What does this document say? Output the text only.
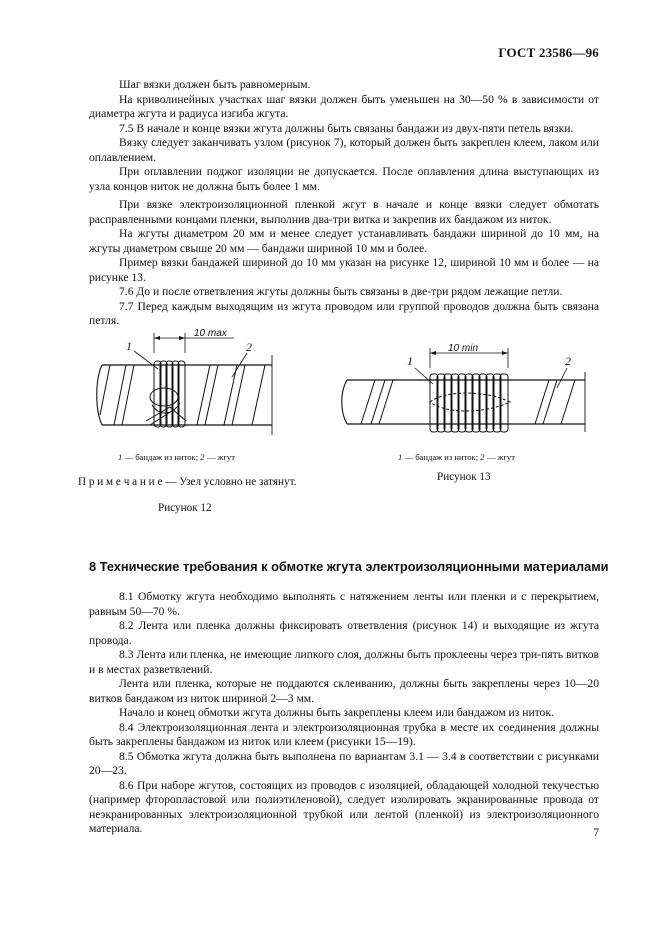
ГОСТ 23586—96

Шаг вязки должен быть равномерным.

На криволинейных участках шаг вязки должен быть уменьшен на 30—50 % в зависимости от диаметра жгута и радиуса изгиба жгута.

7.5 В начале и конце вязки жгута должны быть связаны бандажи из двух-пяти петель вязки.

Вязку следует заканчивать узлом (рисунок 7), который должен быть закреплен клеем, лаком или оплавлением.

При оплавлении поджог изоляции не допускается. После оплавления длина выступающих из узла концов ниток не должна быть более 1 мм.

При вязке электроизоляционной пленкой жгут в начале и конце вязки следует обмотать расправленными концами пленки, выполнив два-три витка и закрепив их бандажом из ниток.

На жгуты диаметром 20 мм и менее следует устанавливать бандажи шириной до 10 мм, на жгуты диаметром свыше 20 мм — бандажи шириной 10 мм и более.

Пример вязки бандажей шириной до 10 мм указан на рисунке 12, шириной 10 мм и более — на рисунке 13.

7.6 До и после ответвления жгуты должны быть связаны в две-три рядом лежащие петли.

7.7 Перед каждым выходящим из жгута проводом или группой проводов должна быть связана петля.

10 max
1	2
1 — бандаж из ниток; 2 — жгут
П р и м е ч а н и е — Узел условно не затянут.
Рисунок 12
10 min
1	2
1 — бандаж из ниток; 2 — жгут
Рисунок 13
8 Технические требования к обмотке жгута электроизоляционными материалами

8.1 Обмотку жгута необходимо выполнять с натяжением ленты или пленки и с перекрытием, равным 50—70 %.

8.2 Лента или пленка должны фиксировать ответвления (рисунок 14) и выходящие из жгута провода.

8.3 Лента или пленка, не имеющие липкого слоя, должны быть проклеены через три-пять витков и в местах разветвлений.

Лента или пленка, которые не поддаются склеиванию, должны быть закреплены через 10—20 витков бандажом из ниток шириной 2—3 мм.

Начало и конец обмотки жгута должны быть закреплены клеем или бандажом из ниток.

8.4 Электроизоляционная лента и электроизоляционная трубка в месте их соединения должны быть закреплены бандажом из ниток или клеем (рисунки 15—19).

8.5 Обмотка жгута должна быть выполнена по вариантам 3.1 — 3.4 в соответствии с рисунками 20—23.

8.6 При наборе жгутов, состоящих из проводов с изоляцией, обладающей холодной текучестью (например фторопластовой или полиэтиленовой), следует изолировать экранированные провода от неэкранированных электроизоляционной трубкой или лентой (пленкой) из электроизоляционного материала.	7
